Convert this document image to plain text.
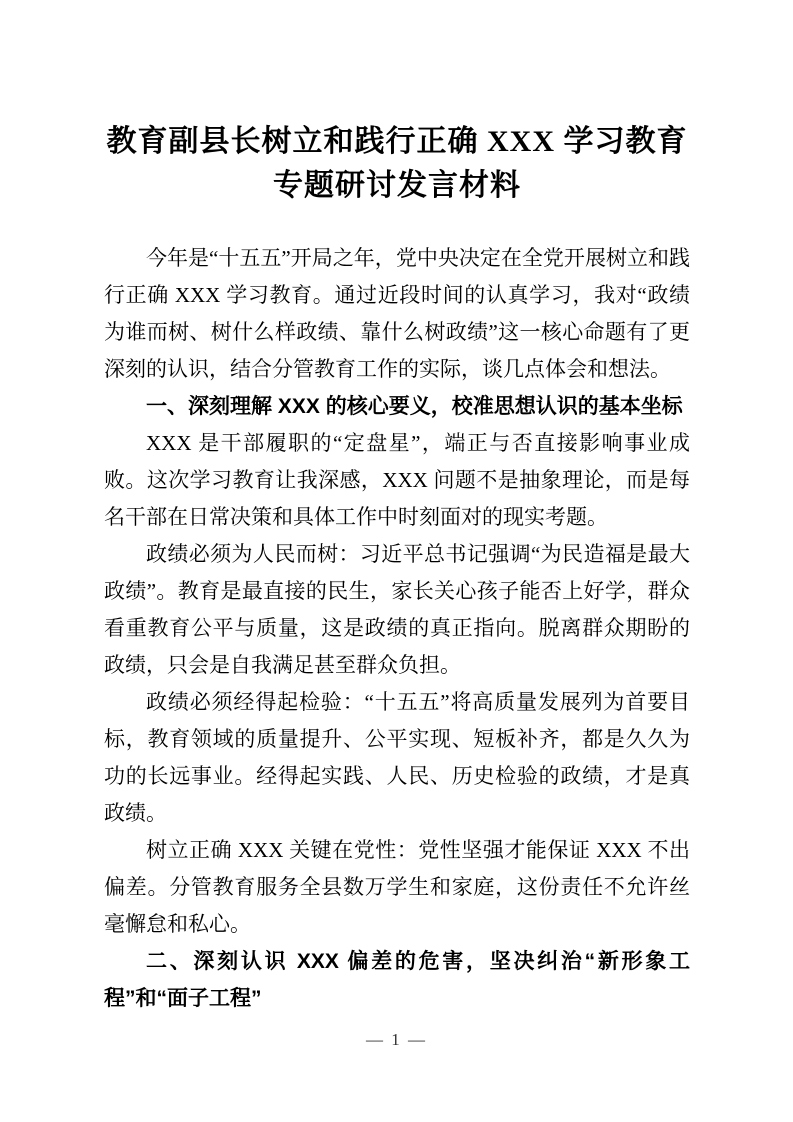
教育副县长树立和践行正确 XXX 学习教育专题研讨发言材料

今年是“十五五”开局之年，党中央决定在全党开展树立和践行正确 XXX 学习教育。通过近段时间的认真学习，我对“政绩为谁而树、树什么样政绩、靠什么树政绩”这一核心命题有了更深刻的认识，结合分管教育工作的实际，谈几点体会和想法。

一、深刻理解 XXX 的核心要义，校准思想认识的基本坐标

XXX 是干部履职的“定盘星”，端正与否直接影响事业成败。这次学习教育让我深感，XXX 问题不是抽象理论，而是每名干部在日常决策和具体工作中时刻面对的现实考题。

政绩必须为人民而树：习近平总书记强调“为民造福是最大政绩”。教育是最直接的民生，家长关心孩子能否上好学，群众看重教育公平与质量，这是政绩的真正指向。脱离群众期盼的政绩，只会是自我满足甚至群众负担。

政绩必须经得起检验：“十五五”将高质量发展列为首要目标，教育领域的质量提升、公平实现、短板补齐，都是久久为功的长远事业。经得起实践、人民、历史检验的政绩，才是真政绩。

树立正确 XXX 关键在党性：党性坚强才能保证 XXX 不出偏差。分管教育服务全县数万学生和家庭，这份责任不允许丝毫懈怠和私心。

二、深刻认识 XXX 偏差的危害，坚决纠治“新形象工程”和“面子工程”
— 1 —
